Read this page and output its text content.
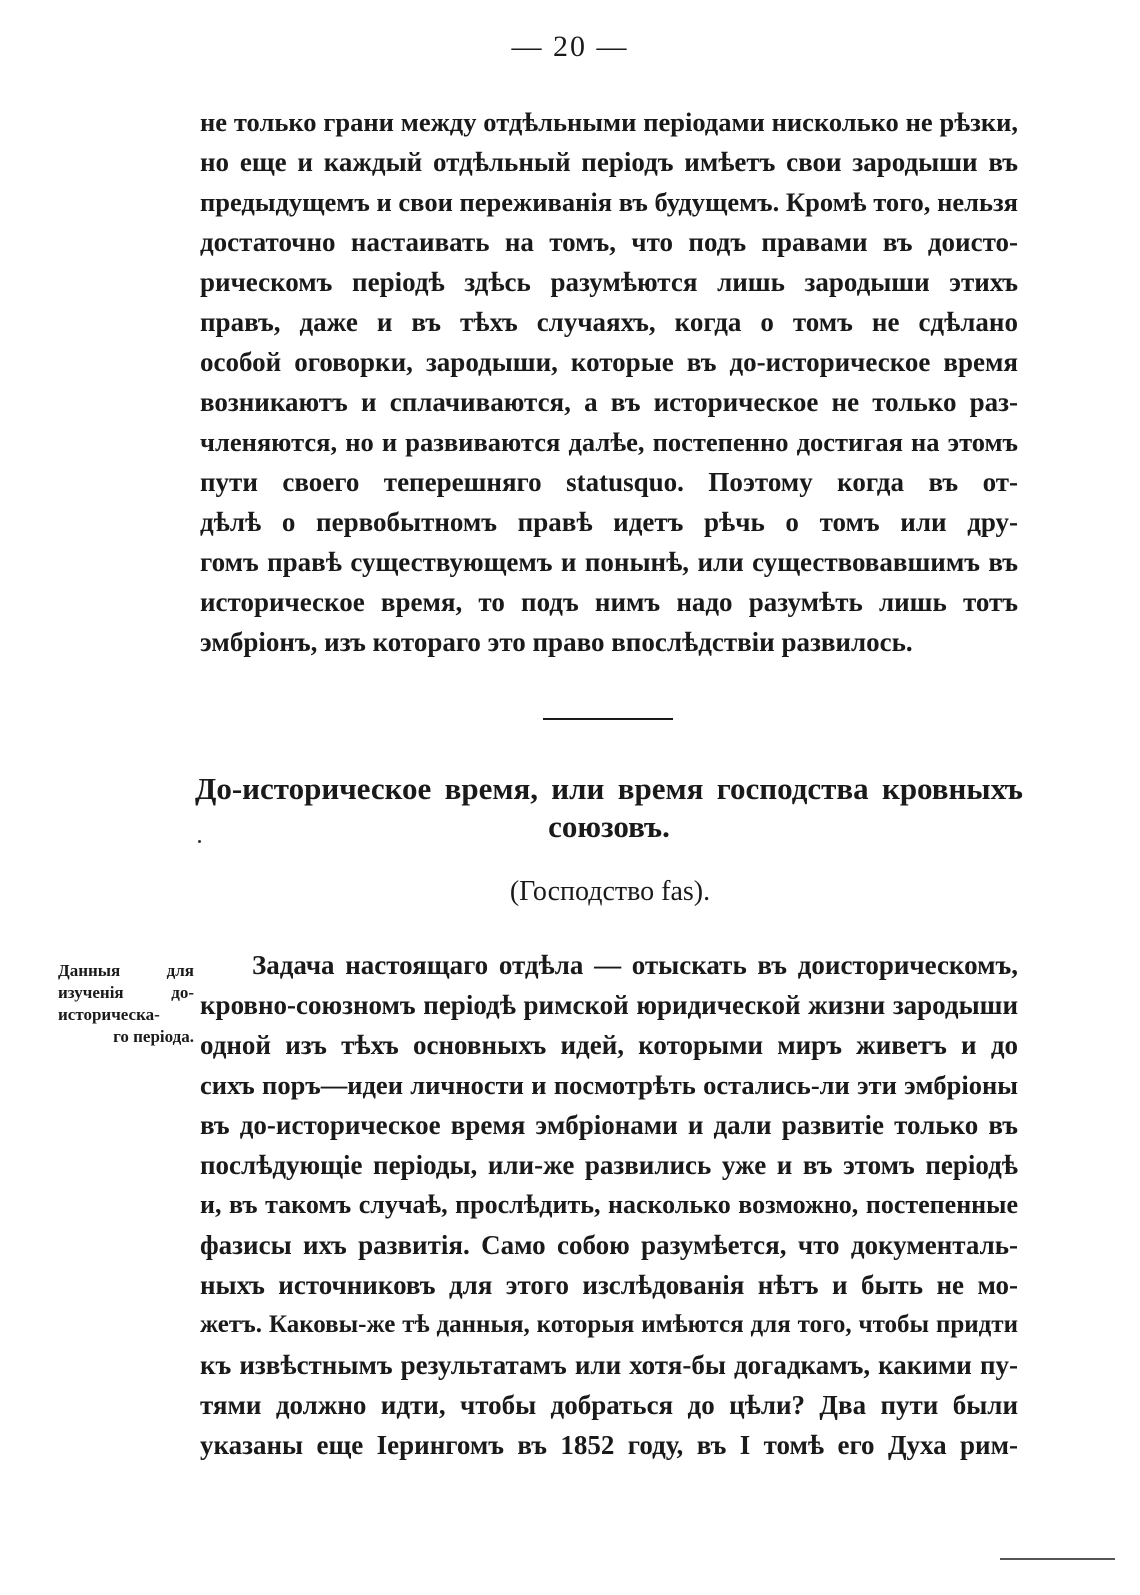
— 20 —
не только грани между отдѣльными періодами нисколько не рѣзки,
но еще и каждый отдѣльный періодъ имѣетъ свои зародыши въ
предыдущемъ и свои переживанія въ будущемъ. Кромѣ того, нельзя
достаточно настаивать на томъ, что подъ правами въ доисто-
рическомъ періодѣ здѣсь разумѣются лишь зародыши этихъ
правъ, даже и въ тѣхъ случаяхъ, когда о томъ не сдѣлано
особой оговорки, зародыши, которые въ до-историческое время
возникаютъ и сплачиваются, а въ историческое не только раз-
членяются, но и развиваются далѣе, постепенно достигая на этомъ
пути своего теперешняго statusquo. Поэтому когда въ от-
дѣлѣ о первобытномъ правѣ идетъ рѣчь о томъ или дру-
гомъ правѣ существующемъ и понынѣ, или существовавшимъ въ
историческое время, то подъ нимъ надо разумѣть лишь тотъ
эмбріонъ, изъ котораго это право впослѣдствіи развилось.
До-историческое время, или время господства кровныхъ
союзовъ.
(Господство fas).
Данныя для
изученія до-
историческа-
го періода.
Задача настоящаго отдѣла — отыскать въ доисторическомъ,
кровно-союзномъ періодѣ римской юридической жизни зародыши
одной изъ тѣхъ основныхъ идей, которыми миръ живетъ и до
сихъ поръ—идеи личности и посмотрѣть остались-ли эти эмбріоны
въ до-историческое время эмбріонами и дали развитіе только въ
послѣдующіе періоды, или-же развились уже и въ этомъ періодѣ
и, въ такомъ случаѣ, прослѣдить, насколько возможно, постепенные
фазисы ихъ развитія. Само собою разумѣется, что документаль-
ныхъ источниковъ для этого изслѣдованія нѣтъ и быть не мо-
жетъ. Каковы-же тѣ данныя, которыя имѣются для того, чтобы придти
къ извѣстнымъ результатамъ или хотя-бы догадкамъ, какими пу-
тями должно идти, чтобы добраться до цѣли? Два пути были
указаны еще Іерингомъ въ 1852 году, въ I томѣ его Духа рим-
